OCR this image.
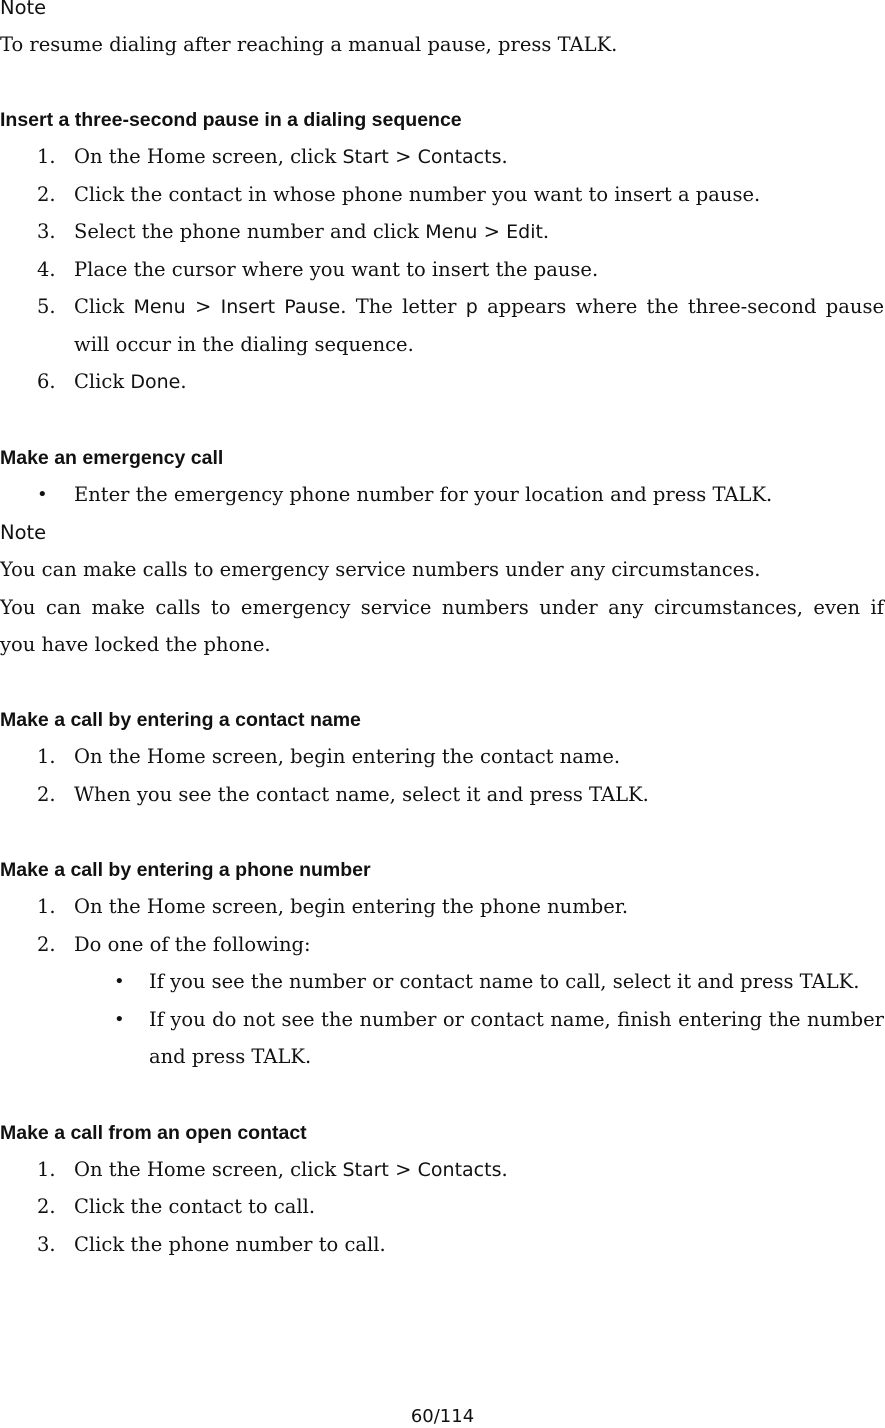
Note
To resume dialing after reaching a manual pause, press TALK.
Insert a three-second pause in a dialing sequence
1. On the Home screen, click Start > Contacts.
2. Click the contact in whose phone number you want to insert a pause.
3. Select the phone number and click Menu > Edit.
4. Place the cursor where you want to insert the pause.
5. Click Menu > Insert Pause. The letter p appears where the three-second pause
will occur in the dialing sequence.
6. Click Done.
Make an emergency call
• Enter the emergency phone number for your location and press TALK.
Note
You can make calls to emergency service numbers under any circumstances.
You can make calls to emergency service numbers under any circumstances, even if
you have locked the phone.
Make a call by entering a contact name
1. On the Home screen, begin entering the contact name.
2. When you see the contact name, select it and press TALK.
Make a call by entering a phone number
1. On the Home screen, begin entering the phone number.
2. Do one of the following:
• If you see the number or contact name to call, select it and press TALK.
• If you do not see the number or contact name, finish entering the number
and press TALK.
Make a call from an open contact
1. On the Home screen, click Start > Contacts.
2. Click the contact to call.
3. Click the phone number to call.
60/114
